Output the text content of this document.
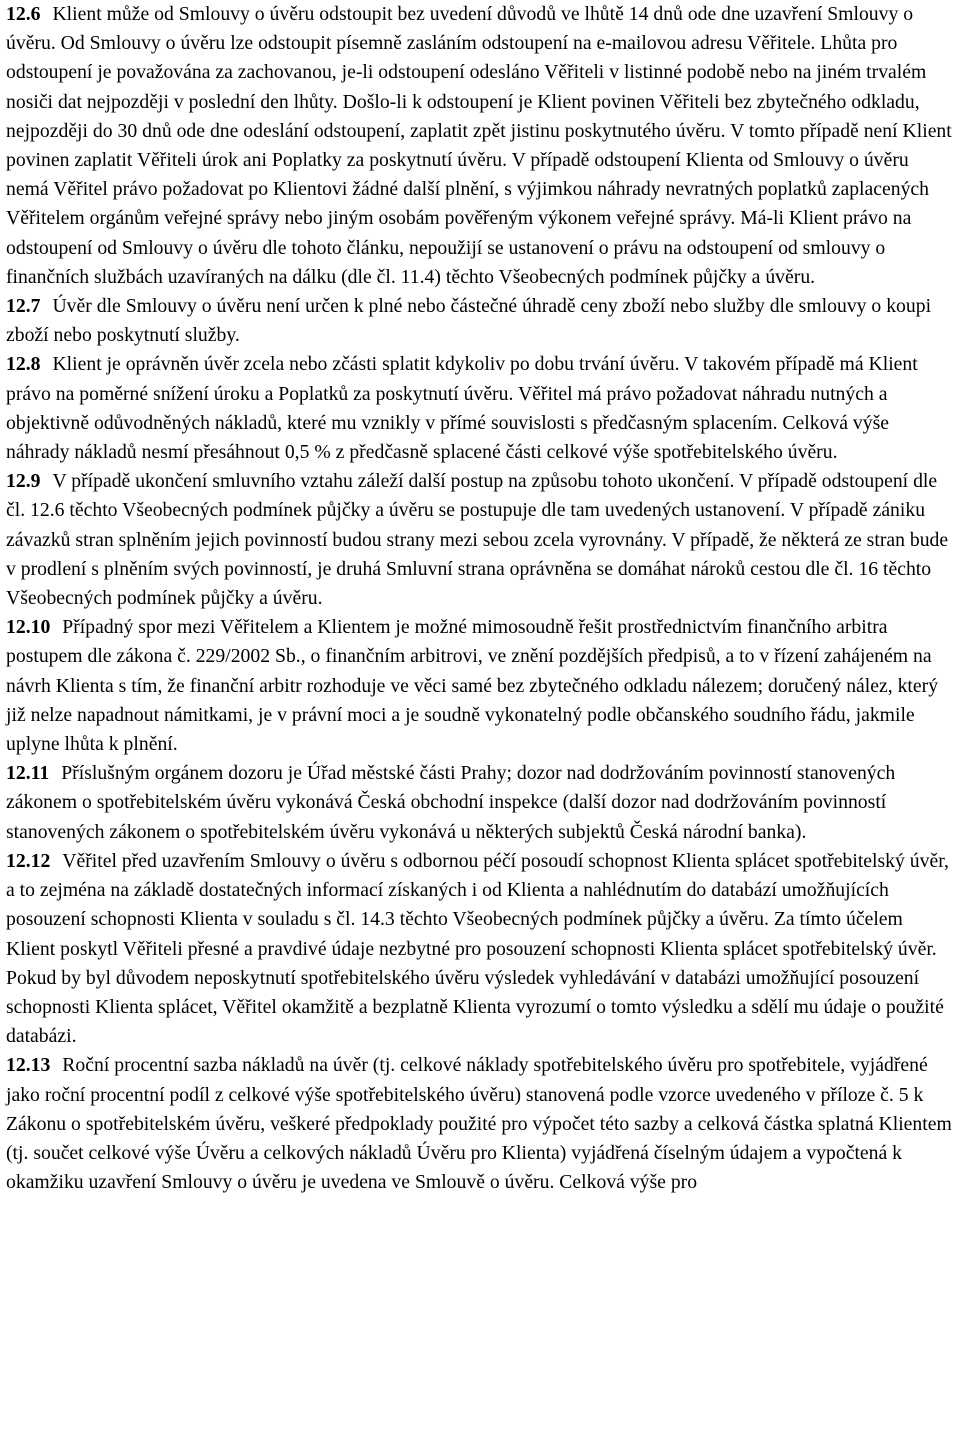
12.6 Klient může od Smlouvy o úvěru odstoupit bez uvedení důvodů ve lhůtě 14 dnů ode dne uzavření Smlouvy o úvěru. Od Smlouvy o úvěru lze odstoupit písemně zasláním odstoupení na e-mailovou adresu Věřitele. Lhůta pro odstoupení je považována za zachovanou, je-li odstoupení odesláno Věřiteli v listinné podobě nebo na jiném trvalém nosiči dat nejpozději v poslední den lhůty. Došlo-li k odstoupení je Klient povinen Věřiteli bez zbytečného odkladu, nejpozději do 30 dnů ode dne odeslání odstoupení, zaplatit zpět jistinu poskytnutého úvěru. V tomto případě není Klient povinen zaplatit Věřiteli úrok ani Poplatky za poskytnutí úvěru. V případě odstoupení Klienta od Smlouvy o úvěru nemá Věřitel právo požadovat po Klientovi žádné další plnění, s výjimkou náhrady nevratných poplatků zaplacených Věřitelem orgánům veřejné správy nebo jiným osobám pověřeným výkonem veřejné správy. Má-li Klient právo na odstoupení od Smlouvy o úvěru dle tohoto článku, nepoužijí se ustanovení o právu na odstoupení od smlouvy o finančních službách uzavíraných na dálku (dle čl. 11.4) těchto Všeobecných podmínek půjčky a úvěru.

12.7 Úvěr dle Smlouvy o úvěru není určen k plné nebo částečné úhradě ceny zboží nebo služby dle smlouvy o koupi zboží nebo poskytnutí služby.

12.8 Klient je oprávněn úvěr zcela nebo zčásti splatit kdykoliv po dobu trvání úvěru. V takovém případě má Klient právo na poměrné snížení úroku a Poplatků za poskytnutí úvěru. Věřitel má právo požadovat náhradu nutných a objektivně odůvodněných nákladů, které mu vznikly v přímé souvislosti s předčasným splacením. Celková výše náhrady nákladů nesmí přesáhnout 0,5 % z předčasně splacené části celkové výše spotřebitelského úvěru.

12.9 V případě ukončení smluvního vztahu záleží další postup na způsobu tohoto ukončení. V případě odstoupení dle čl. 12.6 těchto Všeobecných podmínek půjčky a úvěru se postupuje dle tam uvedených ustanovení. V případě zániku závazků stran splněním jejich povinností budou strany mezi sebou zcela vyrovnány. V případě, že některá ze stran bude v prodlení s plněním svých povinností, je druhá Smluvní strana oprávněna se domáhat nároků cestou dle čl. 16 těchto Všeobecných podmínek půjčky a úvěru.

12.10 Případný spor mezi Věřitelem a Klientem je možné mimosoudně řešit prostřednictvím finančního arbitra postupem dle zákona č. 229/2002 Sb., o finančním arbitrovi, ve znění pozdějších předpisů, a to v řízení zahájeném na návrh Klienta s tím, že finanční arbitr rozhoduje ve věci samé bez zbytečného odkladu nálezem; doručený nález, který již nelze napadnout námitkami, je v právní moci a je soudně vykonatelný podle občanského soudního řádu, jakmile uplyne lhůta k plnění.

12.11 Příslušným orgánem dozoru je Úřad městské části Prahy; dozor nad dodržováním povinností stanovených zákonem o spotřebitelském úvěru vykonává Česká obchodní inspekce (další dozor nad dodržováním povinností stanovených zákonem o spotřebitelském úvěru vykonává u některých subjektů Česká národní banka).

12.12 Věřitel před uzavřením Smlouvy o úvěru s odbornou péčí posoudí schopnost Klienta splácet spotřebitelský úvěr, a to zejména na základě dostatečných informací získaných i od Klienta a nahlédnutím do databází umožňujících posouzení schopnosti Klienta v souladu s čl. 14.3 těchto Všeobecných podmínek půjčky a úvěru. Za tímto účelem Klient poskytl Věřiteli přesné a pravdivé údaje nezbytné pro posouzení schopnosti Klienta splácet spotřebitelský úvěr. Pokud by byl důvodem neposkytnutí spotřebitelského úvěru výsledek vyhledávání v databázi umožňující posouzení schopnosti Klienta splácet, Věřitel okamžitě a bezplatně Klienta vyrozumí o tomto výsledku a sdělí mu údaje o použité databázi.

12.13 Roční procentní sazba nákladů na úvěr (tj. celkové náklady spotřebitelského úvěru pro spotřebitele, vyjádřené jako roční procentní podíl z celkové výše spotřebitelského úvěru) stanovená podle vzorce uvedeného v příloze č. 5 k Zákonu o spotřebitelském úvěru, veškeré předpoklady použité pro výpočet této sazby a celková částka splatná Klientem (tj. součet celkové výše Úvěru a celkových nákladů Úvěru pro Klienta) vyjádřená číselným údajem a vypočtená k okamžiku uzavření Smlouvy o úvěru je uvedena ve Smlouvě o úvěru. Celková výše pro
